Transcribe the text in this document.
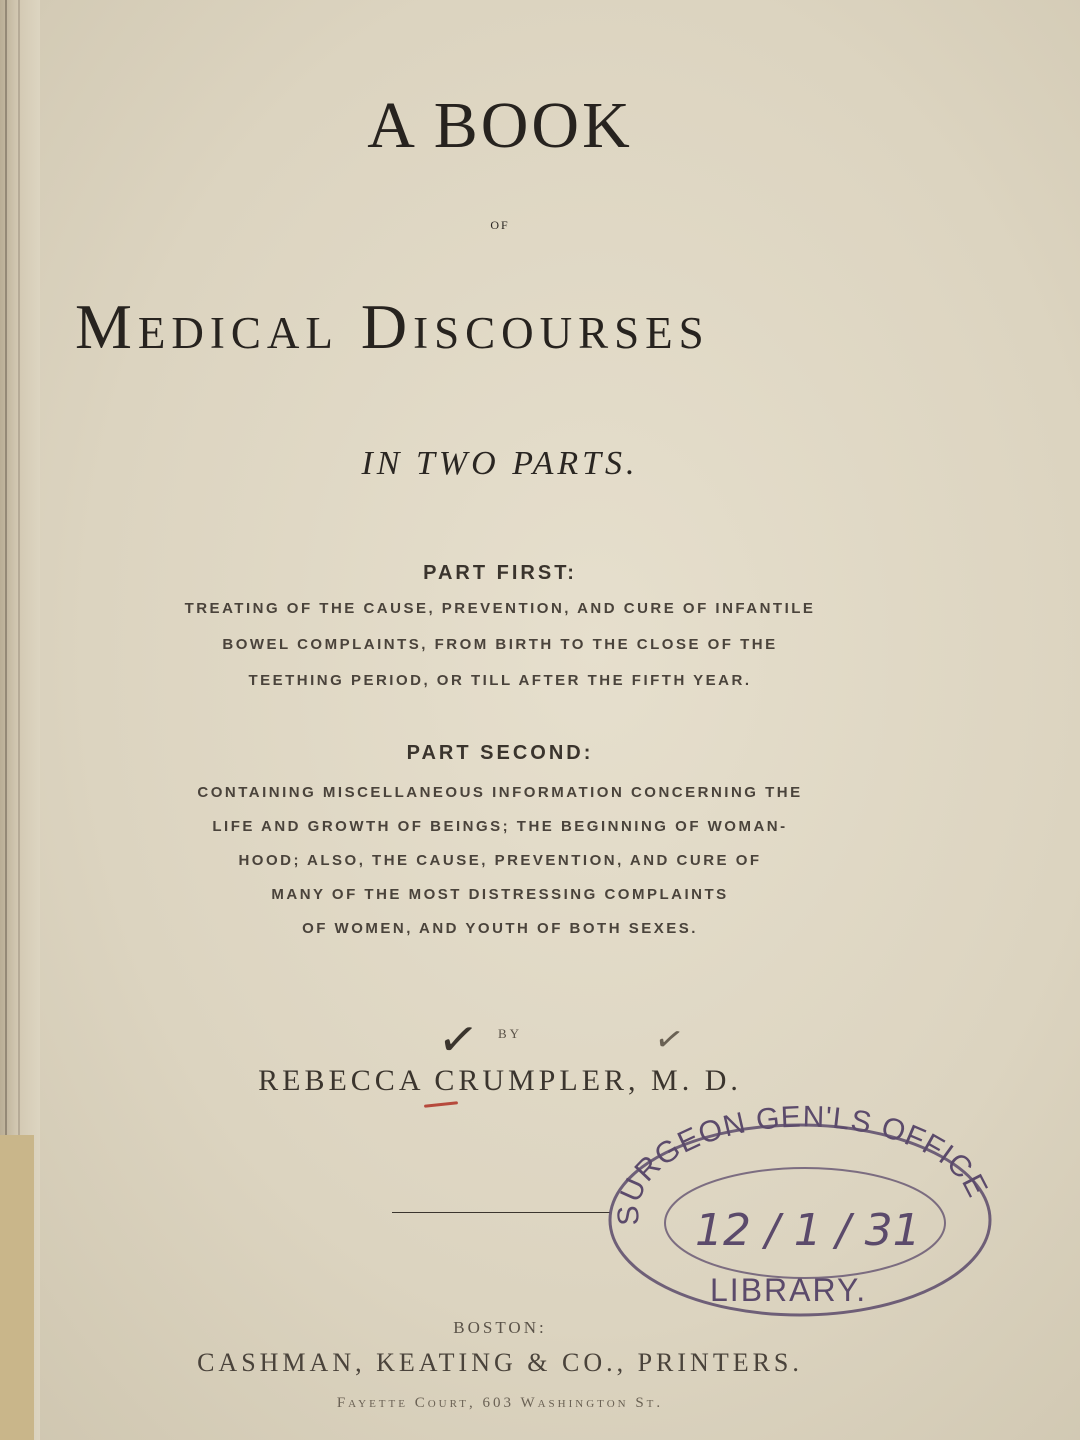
A BOOK
OF
Medical Discourses
IN TWO PARTS.
PART FIRST:
TREATING OF THE CAUSE, PREVENTION, AND CURE OF INFANTILE
BOWEL COMPLAINTS, FROM BIRTH TO THE CLOSE OF THE
TEETHING PERIOD, OR TILL AFTER THE FIFTH YEAR.
PART SECOND:
CONTAINING MISCELLANEOUS INFORMATION CONCERNING THE
LIFE AND GROWTH OF BEINGS; THE BEGINNING OF WOMAN-
HOOD; ALSO, THE CAUSE, PREVENTION, AND CURE OF
MANY OF THE MOST DISTRESSING COMPLAINTS
OF WOMEN, AND YOUTH OF BOTH SEXES.
✓	BY	✓
REBECCA CRUMPLER, M. D.
SURGEON GEN'LS OFFICE
12 / 1 / 31
LIBRARY.
BOSTON:
CASHMAN, KEATING & CO., PRINTERS.
Fayette Court, 603 Washington St.
